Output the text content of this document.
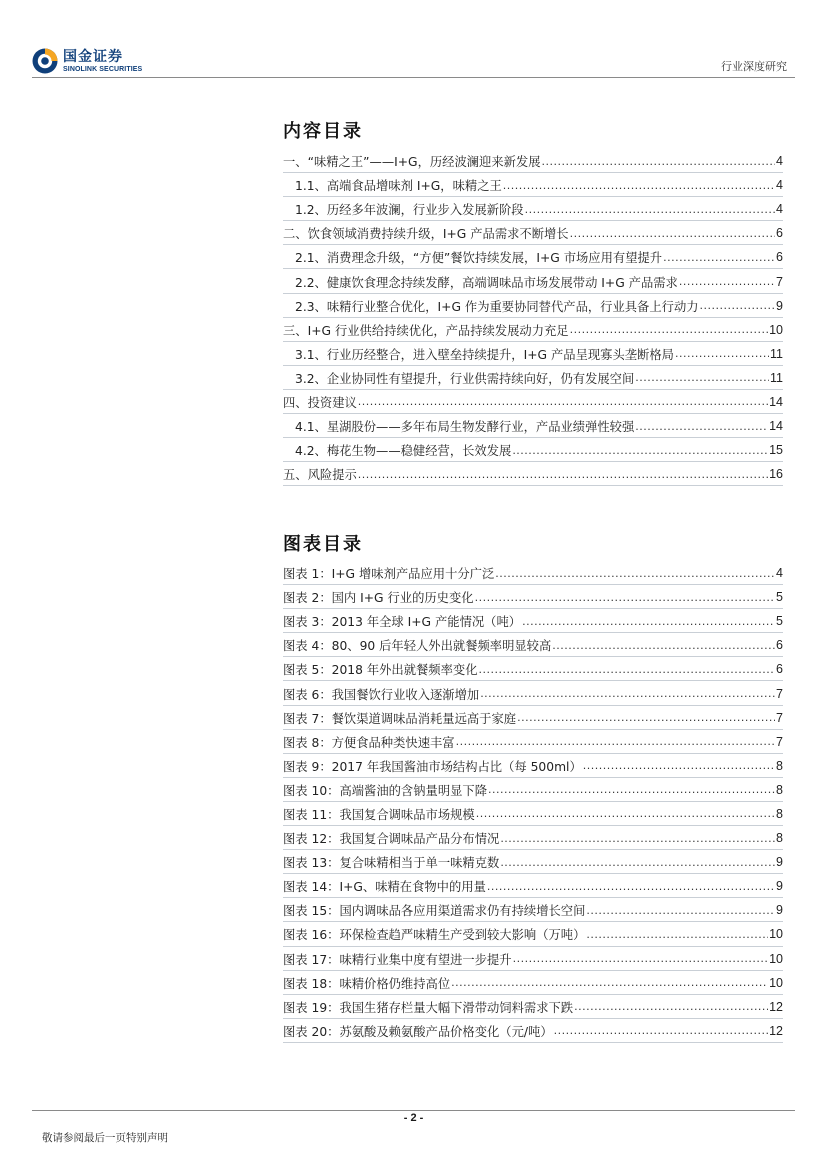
国金证券
SINOLINK SECURITIES	行业深度研究
内容目录
一、“味精之王”——I+G，历经波澜迎来新发展 .....	4
1.1、高端食品增味剂 I+G，味精之王 .....	4
1.2、历经多年波澜，行业步入发展新阶段 .....	4
二、饮食领域消费持续升级，I+G 产品需求不断增长 .....	6
2.1、消费理念升级，“方便”餐饮持续发展，I+G 市场应用有望提升 .....	6
2.2、健康饮食理念持续发酵，高端调味品市场发展带动 I+G 产品需求 .....	7
2.3、味精行业整合优化，I+G 作为重要协同替代产品，行业具备上行动力 .....	9
三、I+G 行业供给持续优化，产品持续发展动力充足 .....	10
3.1、行业历经整合，进入壁垒持续提升，I+G 产品呈现寡头垄断格局 .....	11
3.2、企业协同性有望提升，行业供需持续向好，仍有发展空间 .....	11
四、投资建议 .....	14
4.1、星湖股份——多年布局生物发酵行业，产品业绩弹性较强 .....	14
4.2、梅花生物——稳健经营，长效发展 .....	15
五、风险提示 .....	16
图表目录
图表 1：I+G 增味剂产品应用十分广泛 .....	4
图表 2：国内 I+G 行业的历史变化 .....	5
图表 3：2013 年全球 I+G 产能情况（吨） .....	5
图表 4：80、90 后年轻人外出就餐频率明显较高 .....	6
图表 5：2018 年外出就餐频率变化 .....	6
图表 6：我国餐饮行业收入逐渐增加 .....	7
图表 7：餐饮渠道调味品消耗量远高于家庭 .....	7
图表 8：方便食品种类快速丰富 .....	7
图表 9：2017 年我国酱油市场结构占比（每 500ml） .....	8
图表 10：高端酱油的含钠量明显下降 .....	8
图表 11：我国复合调味品市场规模 .....	8
图表 12：我国复合调味品产品分布情况 .....	8
图表 13：复合味精相当于单一味精克数 .....	9
图表 14：I+G、味精在食物中的用量 .....	9
图表 15：国内调味品各应用渠道需求仍有持续增长空间 .....	9
图表 16：环保检查趋严味精生产受到较大影响（万吨） .....	10
图表 17：味精行业集中度有望进一步提升 .....	10
图表 18：味精价格仍维持高位 .....	10
图表 19：我国生猪存栏量大幅下滑带动饲料需求下跌 .....	12
图表 20：苏氨酸及赖氨酸产品价格变化（元/吨） .....	12
- 2 -
敬请参阅最后一页特别声明
